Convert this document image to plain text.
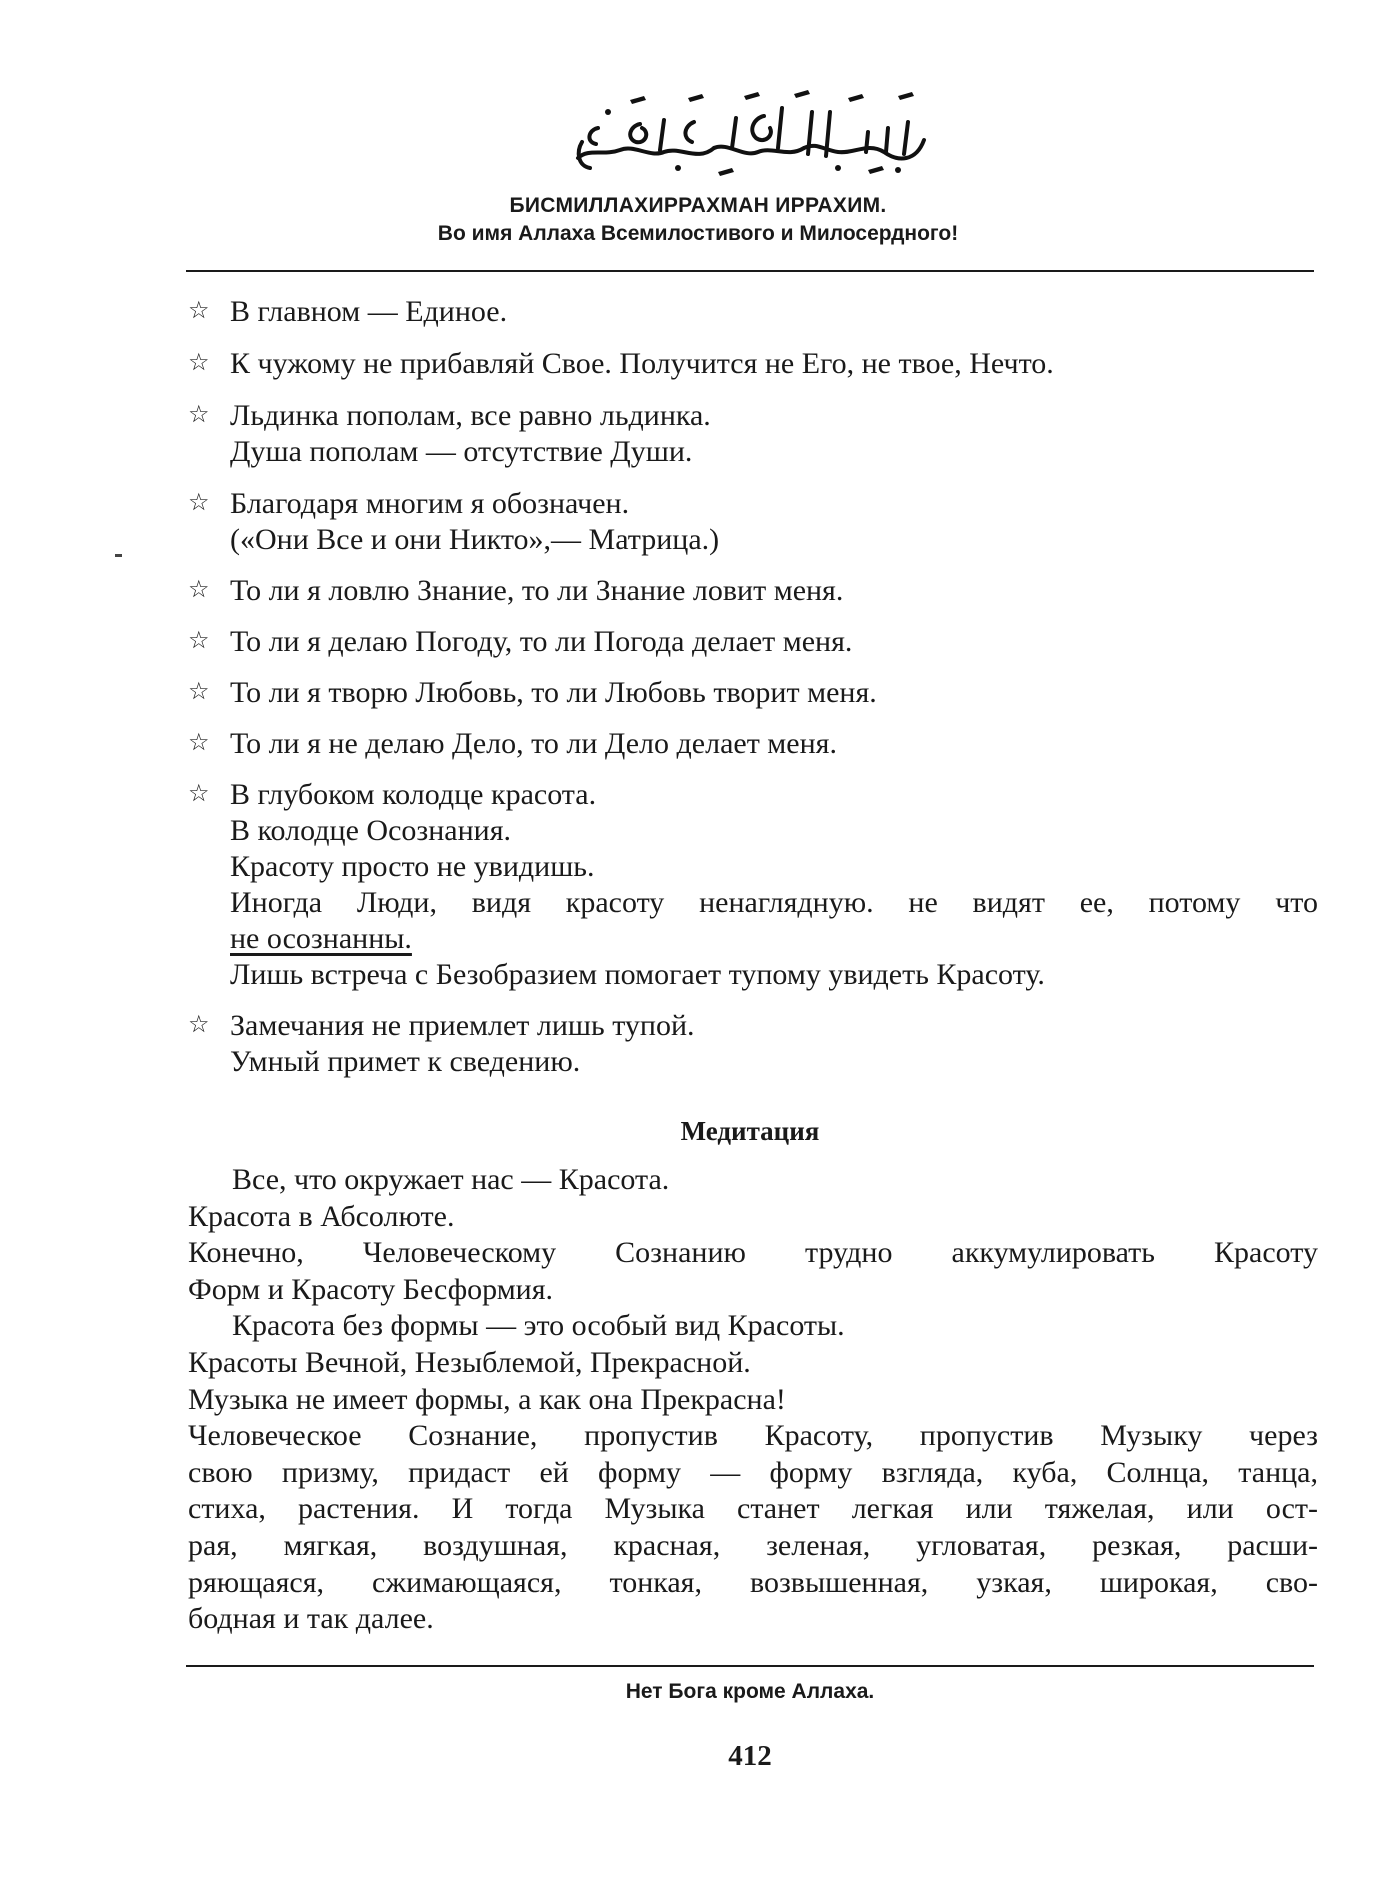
БИСМИЛЛАХИРРАХМАН ИРРАХИМ.

Во имя Аллаха Всемилостивого и Милосердного!

☆ В главном — Единое.
☆ К чужому не прибавляй Свое. Получится не Его, не твое, Нечто.
☆ Льдинка пополам, все равно льдинка.
Душа пополам — отсутствие Души.
☆ Благодаря многим я обозначен.
(«Они Все и они Никто»,— Матрица.)
☆ То ли я ловлю Знание, то ли Знание ловит меня.
☆ То ли я делаю Погоду, то ли Погода делает меня.
☆ То ли я творю Любовь, то ли Любовь творит меня.
☆ То ли я не делаю Дело, то ли Дело делает меня.
☆ В глубоком колодце красота.
В колодце Осознания.
Красоту просто не увидишь.
Иногда Люди, видя красоту ненаглядную. не видят ее, потому что
не осознанны.
Лишь встреча с Безобразием помогает тупому увидеть Красоту.
☆ Замечания не приемлет лишь тупой.
Умный примет к сведению.

Медитация

Все, что окружает нас — Красота.
Красота в Абсолюте.
Конечно, Человеческому Сознанию трудно аккумулировать Красоту
Форм и Красоту Бесформия.
Красота без формы — это особый вид Красоты.
Красоты Вечной, Незыблемой, Прекрасной.
Музыка не имеет формы, а как она Прекрасна!
Человеческое Сознание, пропустив Красоту, пропустив Музыку через
свою призму, придаст ей форму — форму взгляда, куба, Солнца, танца,
стиха, растения. И тогда Музыка станет легкая или тяжелая, или ост-
рая, мягкая, воздушная, красная, зеленая, угловатая, резкая, расши-
ряющаяся, сжимающаяся, тонкая, возвышенная, узкая, широкая, сво-
бодная и так далее.

Нет Бога кроме Аллаха.

412
